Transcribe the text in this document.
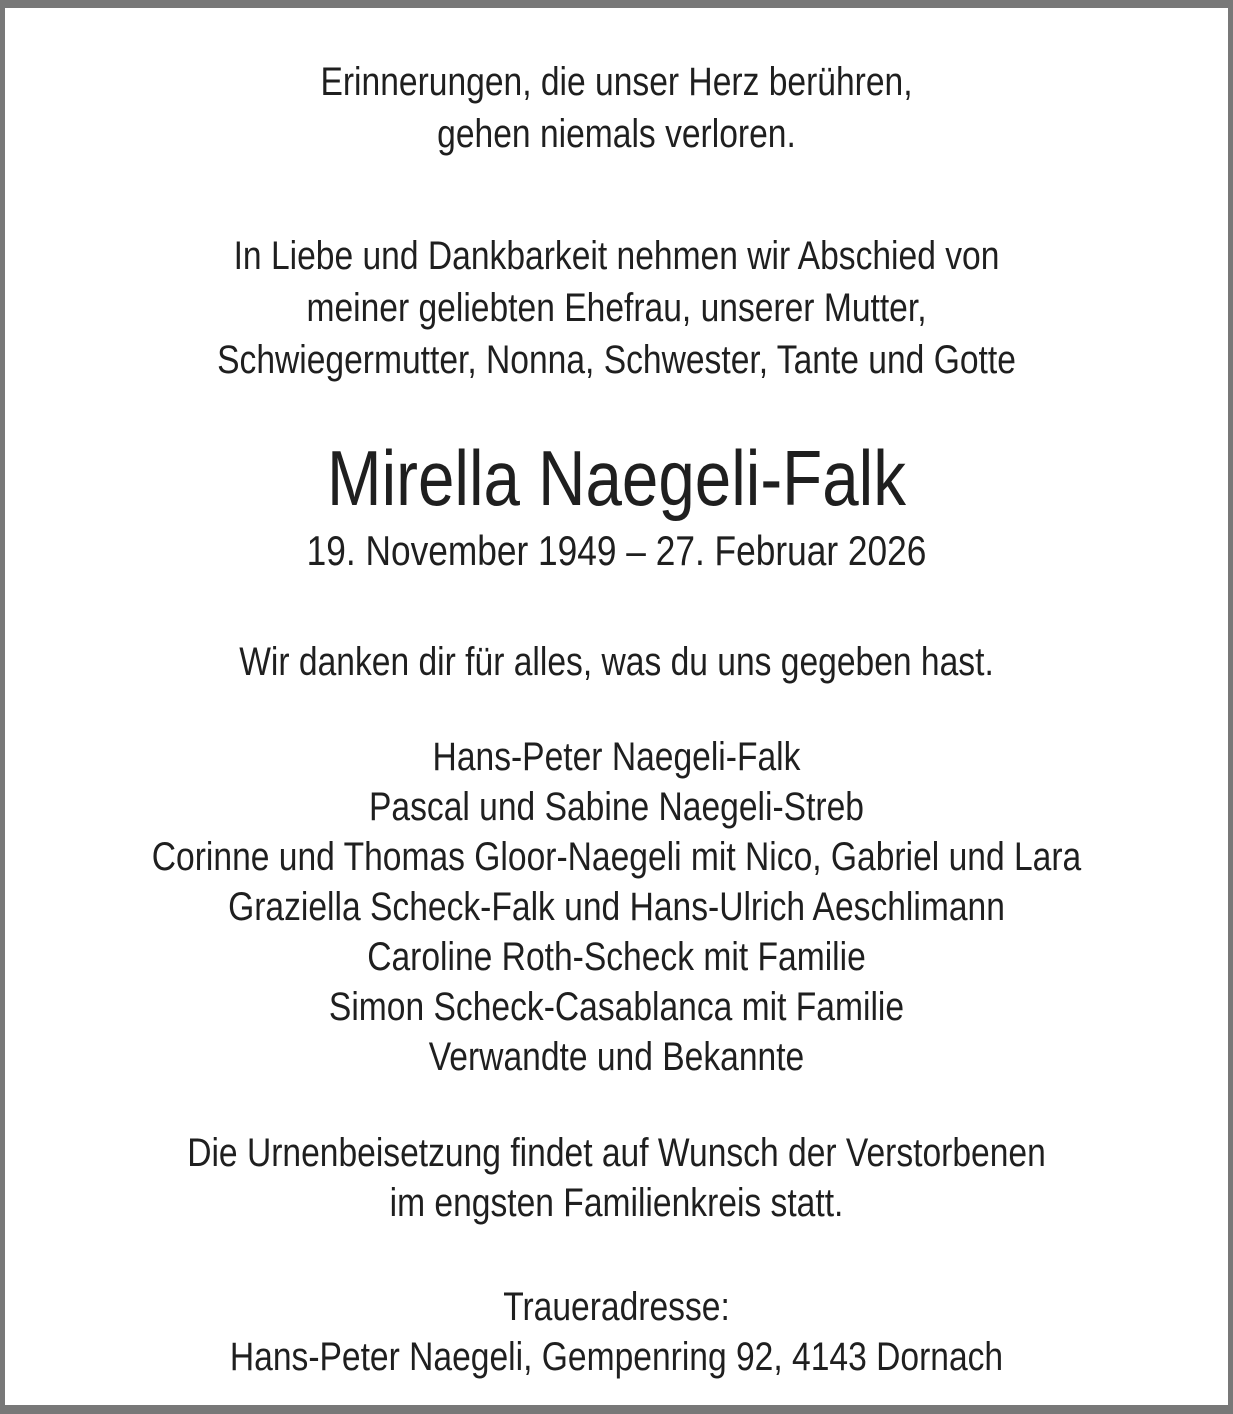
Erinnerungen, die unser Herz berühren,
gehen niemals verloren.
In Liebe und Dankbarkeit nehmen wir Abschied von
meiner geliebten Ehefrau, unserer Mutter,
Schwiegermutter, Nonna, Schwester, Tante und Gotte
Mirella Naegeli-Falk
19. November 1949 – 27. Februar 2026
Wir danken dir für alles, was du uns gegeben hast.
Hans-Peter Naegeli-Falk
Pascal und Sabine Naegeli-Streb
Corinne und Thomas Gloor-Naegeli mit Nico, Gabriel und Lara
Graziella Scheck-Falk und Hans-Ulrich Aeschlimann
Caroline Roth-Scheck mit Familie
Simon Scheck-Casablanca mit Familie
Verwandte und Bekannte
Die Urnenbeisetzung findet auf Wunsch der Verstorbenen
im engsten Familienkreis statt.
Traueradresse:
Hans-Peter Naegeli, Gempenring 92, 4143 Dornach
